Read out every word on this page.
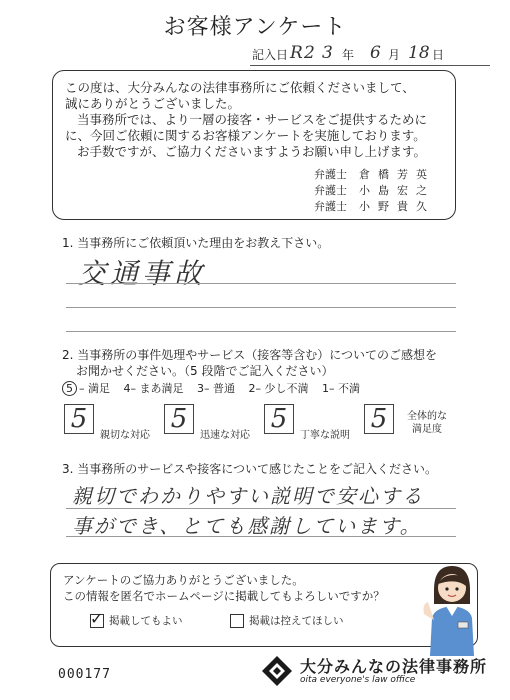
お客様アンケート
記入日 R 2 3 年 6 月 18 日

この度は、大分みんなの法律事務所にご依頼くださいまして、

誠にありがとうございました。

当事務所では、より一層の接客・サービスをご提供するために

に、今回ご依頼に関するお客様アンケートを実施しております。

お手数ですが、ご協力くださいますようお願い申し上げます。

弁護士 倉橋芳英
弁護士 小島宏之
弁護士 小野貴久
1. 当事務所にご依頼頂いた理由をお教え下さい。
交通事故
2. 当事務所の事件処理やサービス（接客等含む）についてのご感想を
お聞かせください。（5 段階でご記入ください）
5 – 満足 4– まあ満足 3– 普通 2– 少し不満 1– 不満
5
親切な対応
5
迅速な対応
5
丁寧な説明
5	全体的な
満足度
3. 当事務所のサービスや接客について感じたことをご記入ください。
親切でわかりやすい説明で安心する
事ができ、とても感謝しています。

アンケートのご協力ありがとうございました。

この情報を匿名でホームページに掲載してもよろしいですか？

✓ 掲載してもよい	掲載は控えてほしい
000177	大分みんなの法律事務所
oita everyone's law office
